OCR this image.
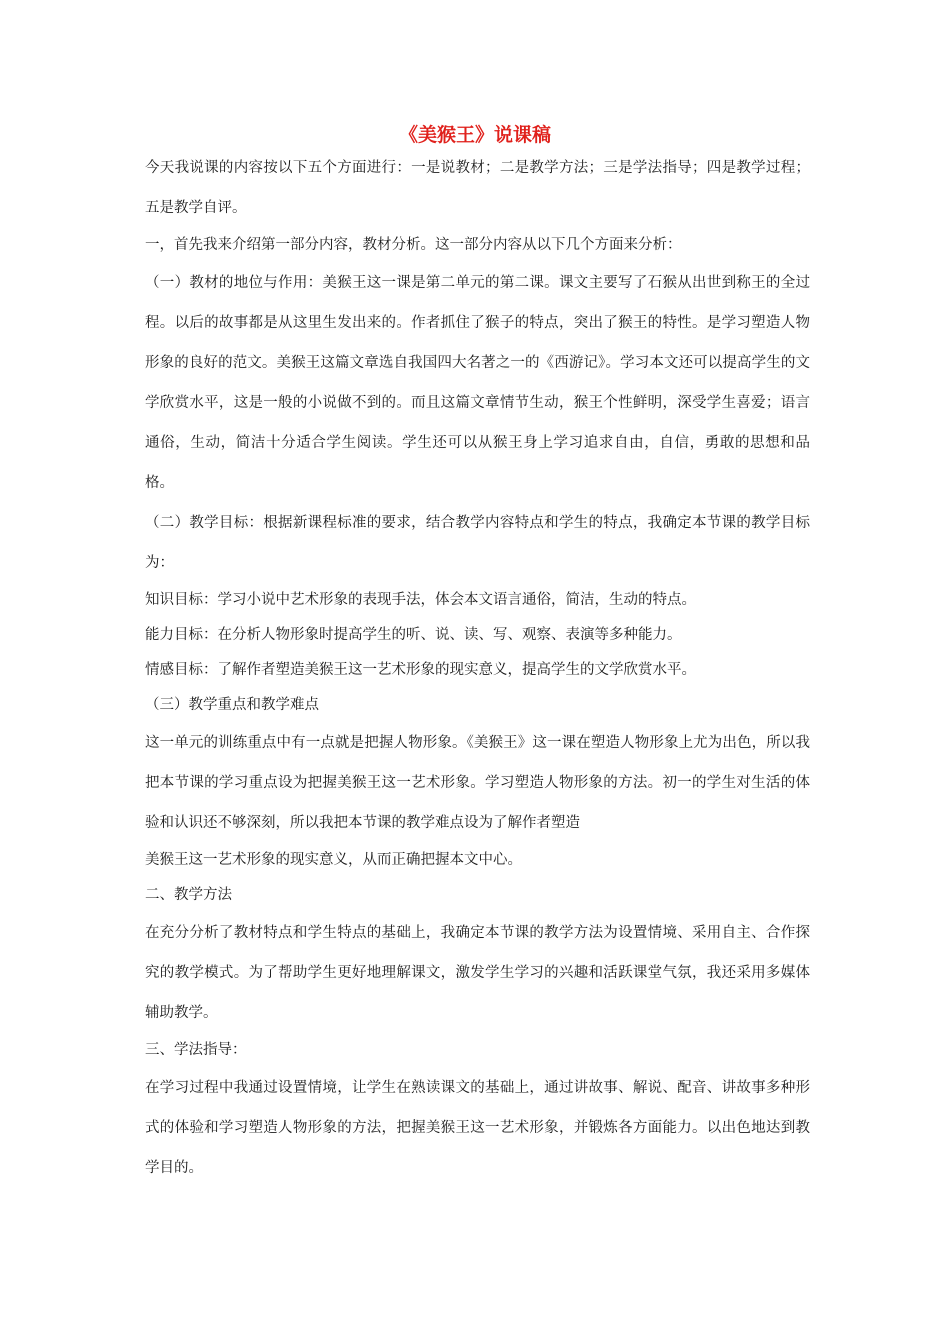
《美猴王》说课稿

今天我说课的内容按以下五个方面进行：一是说教材；二是教学方法；三是学法指导；四是教学过程；五是教学自评。

一，首先我来介绍第一部分内容，教材分析。这一部分内容从以下几个方面来分析：

（一）教材的地位与作用：美猴王这一课是第二单元的第二课。课文主要写了石猴从出世到称王的全过程。以后的故事都是从这里生发出来的。作者抓住了猴子的特点，突出了猴王的特性。是学习塑造人物形象的良好的范文。美猴王这篇文章选自我国四大名著之一的《西游记》。学习本文还可以提高学生的文学欣赏水平，这是一般的小说做不到的。而且这篇文章情节生动，猴王个性鲜明，深受学生喜爱；语言通俗，生动，简洁十分适合学生阅读。学生还可以从猴王身上学习追求自由，自信，勇敢的思想和品格。

（二）教学目标：根据新课程标准的要求，结合教学内容特点和学生的特点，我确定本节课的教学目标为：

知识目标：学习小说中艺术形象的表现手法，体会本文语言通俗，简洁，生动的特点。

能力目标：在分析人物形象时提高学生的听、说、读、写、观察、表演等多种能力。

情感目标：了解作者塑造美猴王这一艺术形象的现实意义，提高学生的文学欣赏水平。

（三）教学重点和教学难点

这一单元的训练重点中有一点就是把握人物形象。《美猴王》这一课在塑造人物形象上尤为出色，所以我把本节课的学习重点设为把握美猴王这一艺术形象。学习塑造人物形象的方法。初一的学生对生活的体验和认识还不够深刻，所以我把本节课的教学难点设为了解作者塑造

美猴王这一艺术形象的现实意义，从而正确把握本文中心。

二、教学方法

在充分分析了教材特点和学生特点的基础上，我确定本节课的教学方法为设置情境、采用自主、合作探究的教学模式。为了帮助学生更好地理解课文，激发学生学习的兴趣和活跃课堂气氛，我还采用多媒体辅助教学。

三、学法指导：

在学习过程中我通过设置情境，让学生在熟读课文的基础上，通过讲故事、解说、配音、讲故事多种形式的体验和学习塑造人物形象的方法，把握美猴王这一艺术形象，并锻炼各方面能力。以出色地达到教学目的。
